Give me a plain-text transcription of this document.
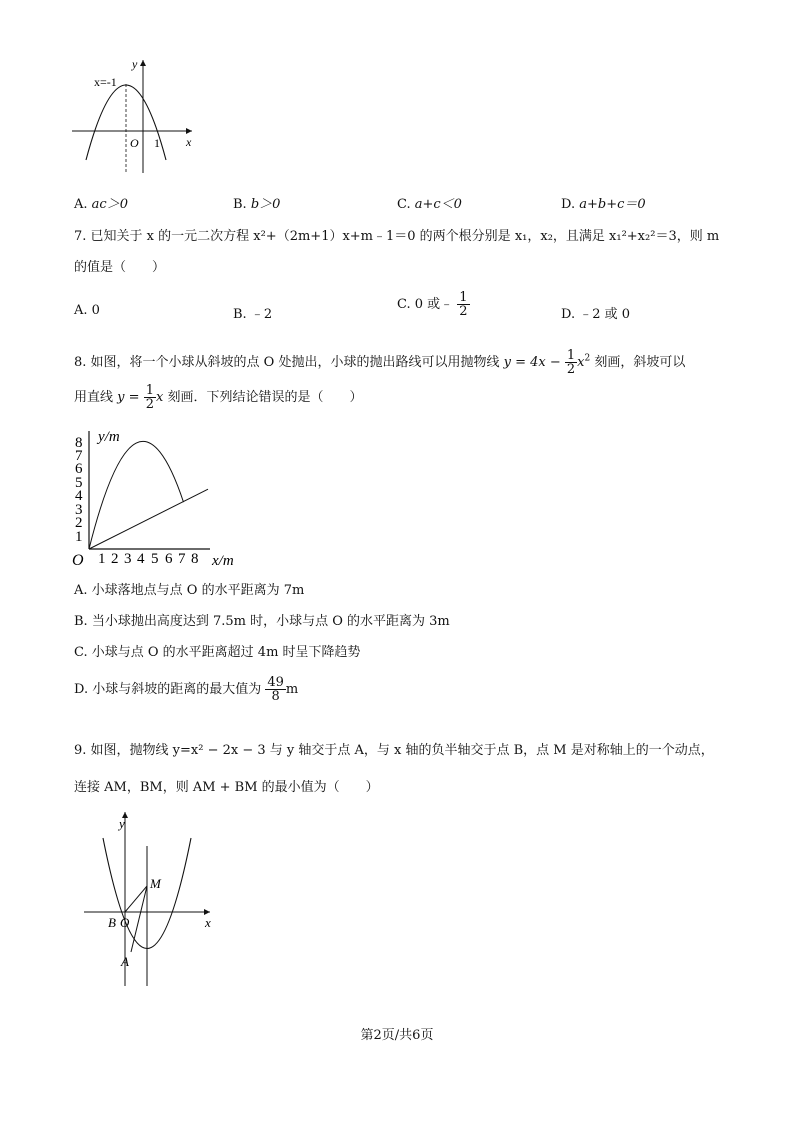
y
x
x=-1
O 1
A. ac＞0	B. b＞0	C. a+c＜0	D. a+b+c＝0
7. 已知关于 x 的一元二次方程 x²+（2m+1）x+m﹣1＝0 的两个根分别是 x₁，x₂，且满足 x₁²+x₂²＝3，则 m
的值是（　　）
A. 0	B. ﹣2
C. 0 或﹣ $\frac{1}{2}$	D. ﹣2 或 0
8. 如图，将一个小球从斜坡的点 O 处抛出，小球的抛出路线可以用抛物线 $y = 4x - \frac{1}{2} x^2$ 刻画，斜坡可以
用直线 $y = \frac{1}{2}$ x 刻画．下列结论错误的是（　　）
y/m
x/m
O
1
2
3
4
5
6
7
8
1 2 3 4 5 6 7 8
A. 小球落地点与点 O 的水平距离为 7m
B. 当小球抛出高度达到 7.5m 时，小球与点 O 的水平距离为 3m
C. 小球与点 O 的水平距离超过 4m 时呈下降趋势
D. 小球与斜坡的距离的最大值为 $\frac{49}{8}$ m
9. 如图，抛物线 y=x² − 2x − 3 与 y 轴交于点 A，与 x 轴的负半轴交于点 B，点 M 是对称轴上的一个动点，
连接 AM，BM，则 AM + BM 的最小值为（　　）
y
x
M
B O
A
第2页/共6页
